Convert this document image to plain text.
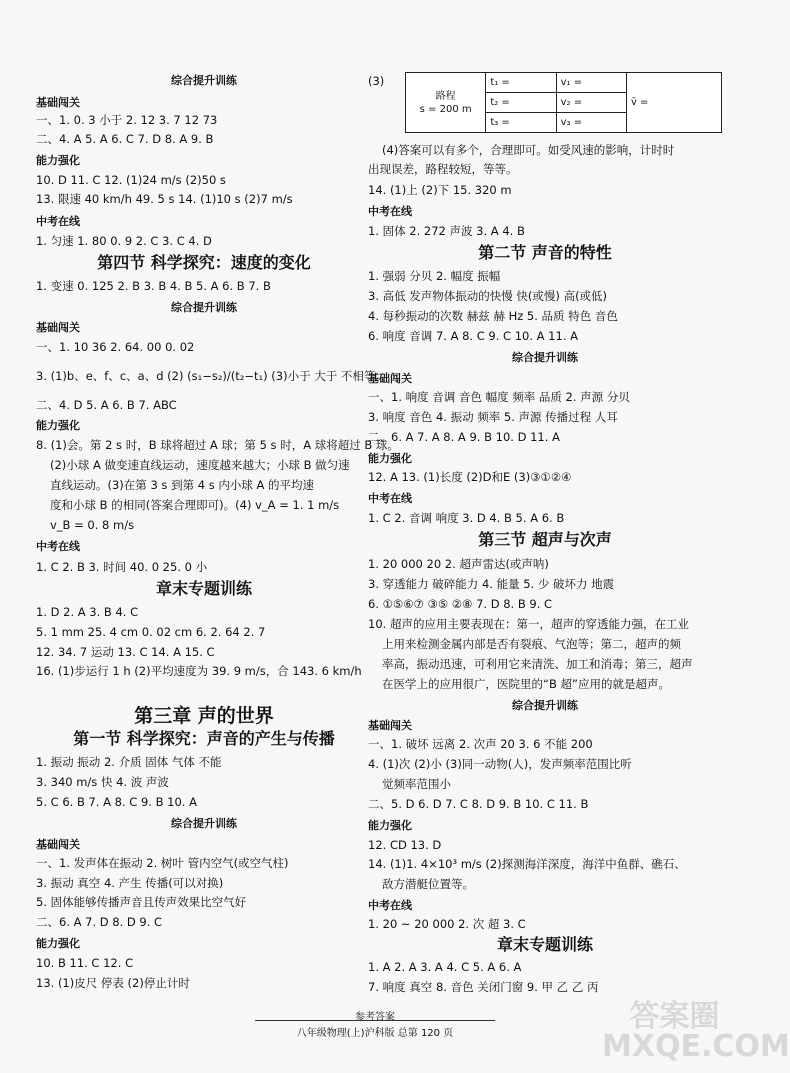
综合提升训练
基础闯关
一、1. 0. 3 小于 2. 12 3. 7 12 73
二、4. A 5. A 6. C 7. D 8. A 9. B
能力强化
10. D 11. C 12. (1)24 m/s (2)50 s
13. 限速 40 km/h 49. 5 s 14. (1)10 s (2)7 m/s
中考在线
1. 匀速 1. 80 0. 9 2. C 3. C 4. D
第四节 科学探究：速度的变化
1. 变速 0. 125 2. B 3. B 4. B 5. A 6. B 7. B
综合提升训练
基础闯关
一、1. 10 36 2. 64. 00 0. 02
3. (1)b、e、f、c、a、d (2) (s₁−s₂)/(t₂−t₁) (3)小于 大于 不相等
二、4. D 5. A 6. B 7. ABC
能力强化
8. (1)会。第 2 s 时，B 球将超过 A 球；第 5 s 时，A 球将超过 B 球。
(2)小球 A 做变速直线运动，速度越来越大；小球 B 做匀速
直线运动。(3)在第 3 s 到第 4 s 内小球 A 的平均速
度和小球 B 的相同(答案合理即可)。(4) v_A = 1. 1 m/s
v_B = 0. 8 m/s
中考在线
1. C 2. B 3. 时间 40. 0 25. 0 小
章末专题训练
1. D 2. A 3. B 4. C
5. 1 mm 25. 4 cm 0. 02 cm 6. 2. 64 2. 7
12. 34. 7 运动 13. C 14. A 15. C
16. (1)步运行 1 h (2)平均速度为 39. 9 m/s，合 143. 6 km/h
第三章 声的世界
第一节 科学探究：声音的产生与传播
1. 振动 振动 2. 介质 固体 气体 不能
3. 340 m/s 快 4. 波 声波
5. C 6. B 7. A 8. C 9. B 10. A
综合提升训练
基础闯关
一、1. 发声体在振动 2. 树叶 管内空气(或空气柱)
3. 振动 真空 4. 产生 传播(可以对换)
5. 固体能够传播声音且传声效果比空气好
二、6. A 7. D 8. D 9. C
能力强化
10. B 11. C 12. C
13. (1)皮尺 停表 (2)停止计时
(3)
路程
s = 200 m	t₁ =	v₁ =	v̄ =
	t₂ =	v₂ =	
	t₃ =	v₃ =	
(4)答案可以有多个，合理即可。如受风速的影响，计时时
出现误差，路程较短，等等。
14. (1)上 (2)下 15. 320 m
中考在线
1. 固体 2. 272 声波 3. A 4. B
第二节 声音的特性
1. 强弱 分贝 2. 幅度 振幅
3. 高低 发声物体振动的快慢 快(或慢) 高(或低)
4. 每秒振动的次数 赫兹 赫 Hz 5. 品质 特色 音色
6. 响度 音调 7. A 8. C 9. C 10. A 11. A
综合提升训练
基础闯关
一、1. 响度 音调 音色 幅度 频率 品质 2. 声源 分贝
3. 响度 音色 4. 振动 频率 5. 声源 传播过程 人耳
二、6. A 7. A 8. A 9. B 10. D 11. A
能力强化
12. A 13. (1)长度 (2)D和E (3)③①②④
中考在线
1. C 2. 音调 响度 3. D 4. B 5. A 6. B
第三节 超声与次声
1. 20 000 20 2. 超声雷达(或声呐)
3. 穿透能力 破碎能力 4. 能量 5. 少 破坏力 地震
6. ①⑤⑥⑦ ③⑤ ②⑧ 7. D 8. B 9. C
10. 超声的应用主要表现在：第一，超声的穿透能力强，在工业
上用来检测金属内部是否有裂痕、气泡等；第二，超声的频
率高，振动迅速，可利用它来清洗、加工和消毒；第三，超声
在医学上的应用很广，医院里的“B 超”应用的就是超声。
综合提升训练
基础闯关
一、1. 破坏 远离 2. 次声 20 3. 6 不能 200
4. (1)次 (2)小 (3)同一动物(人)，发声频率范围比听
觉频率范围小
二、5. D 6. D 7. C 8. D 9. B 10. C 11. B
能力强化
12. CD 13. D
14. (1)1. 4×10³ m/s (2)探测海洋深度，海洋中鱼群、礁石、
敌方潜艇位置等。
中考在线
1. 20 ~ 20 000 2. 次 超 3. C
章末专题训练
1. A 2. A 3. A 4. C 5. A 6. A
7. 响度 真空 8. 音色 关闭门窗 9. 甲 乙 乙 丙
参考答案
八年级物理(上)沪科版 总第 120 页	答案圈 MXQE.COM
